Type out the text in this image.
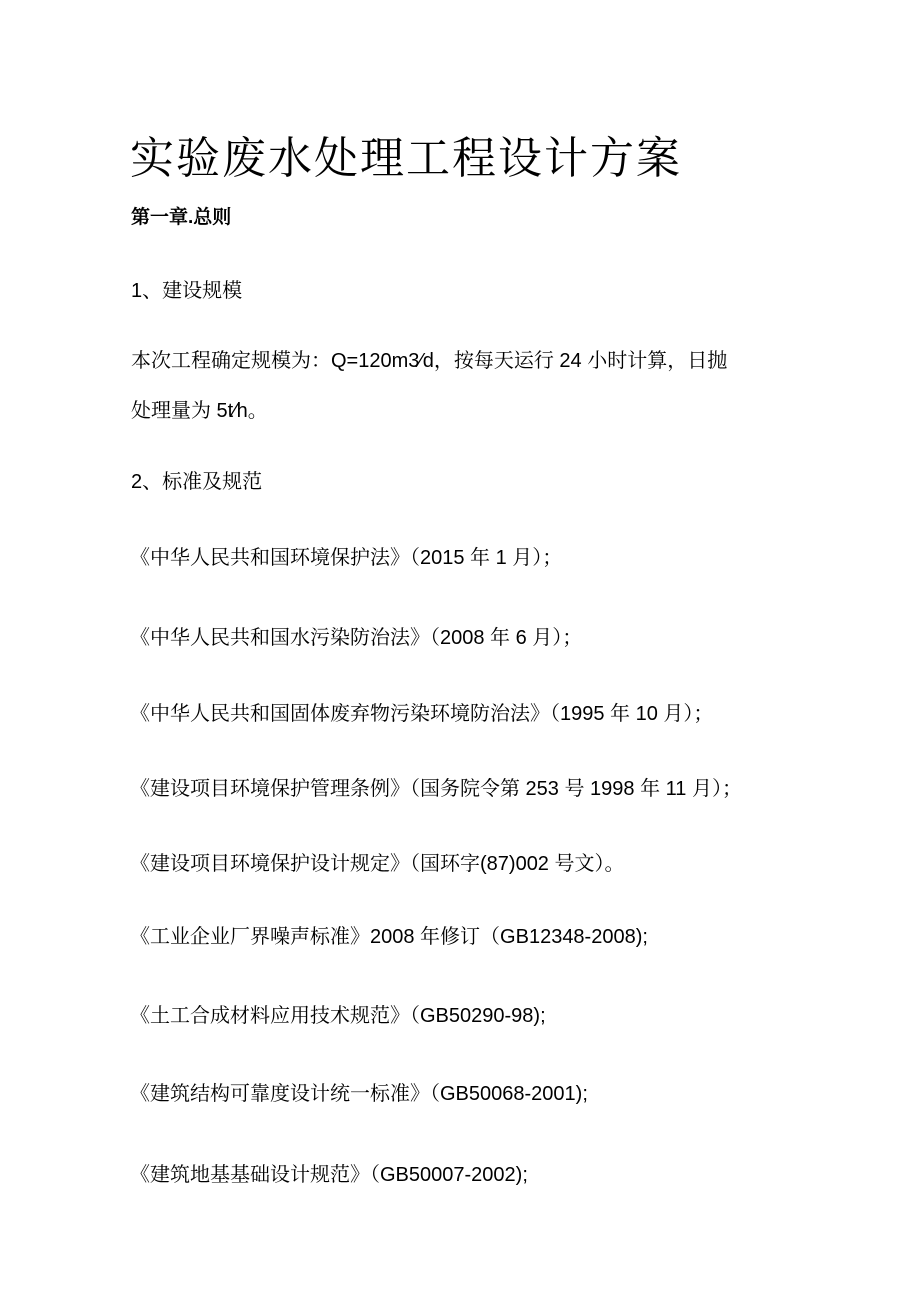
实验废水处理工程设计方案
第一章.总则

1、建设规模

本次工程确定规模为：Q=120m3⁄d，按每天运行 24 小时计算，日抛

处理量为 5t⁄h。

2、标准及规范

《中华人民共和国环境保护法》（2015 年 1 月）；

《中华人民共和国水污染防治法》（2008 年 6 月）；

《中华人民共和国固体废弃物污染环境防治法》（1995 年 10 月）；

《建设项目环境保护管理条例》（国务院令第 253 号 1998 年 11 月）；

《建设项目环境保护设计规定》（国环字(87)002 号文）。

《工业企业厂界噪声标准》2008 年修订（GB12348-2008);

《土工合成材料应用技术规范》（GB50290-98);

《建筑结构可靠度设计统一标准》（GB50068-2001);

《建筑地基基础设计规范》（GB50007-2002);
